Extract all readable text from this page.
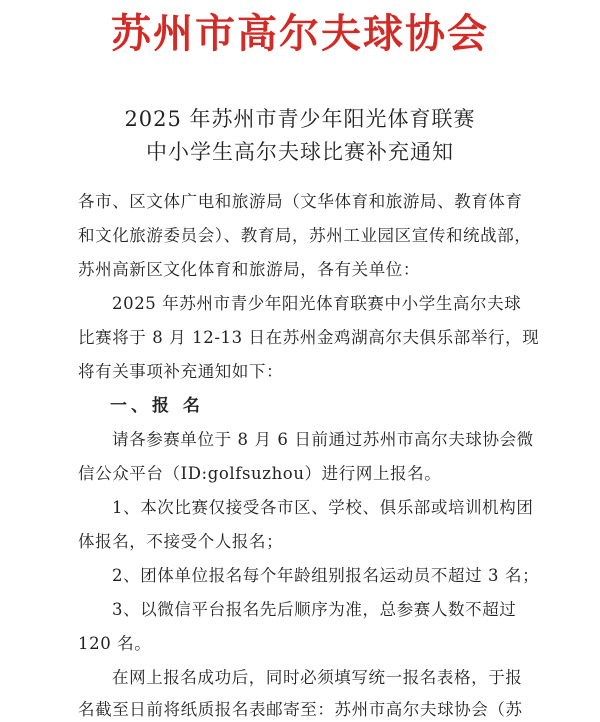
苏州市高尔夫球协会
2025 年苏州市青少年阳光体育联赛
中小学生高尔夫球比赛补充通知
各市、区文体广电和旅游局（文华体育和旅游局、教育体育
和文化旅游委员会）、教育局，苏州工业园区宣传和统战部，
苏州高新区文化体育和旅游局，各有关单位：
2025 年苏州市青少年阳光体育联赛中小学生高尔夫球
比赛将于 8 月 12-13 日在苏州金鸡湖高尔夫俱乐部举行，现
将有关事项补充通知如下：
一、报 名
请各参赛单位于 8 月 6 日前通过苏州市高尔夫球协会微
信公众平台（ID:golfsuzhou）进行网上报名。
1、本次比赛仅接受各市区、学校、俱乐部或培训机构团
体报名，不接受个人报名；
2、团体单位报名每个年龄组别报名运动员不超过 3 名；
3、以微信平台报名先后顺序为准，总参赛人数不超过
120 名。
在网上报名成功后，同时必须填写统一报名表格，于报
名截至日前将纸质报名表邮寄至：苏州市高尔夫球协会（苏
